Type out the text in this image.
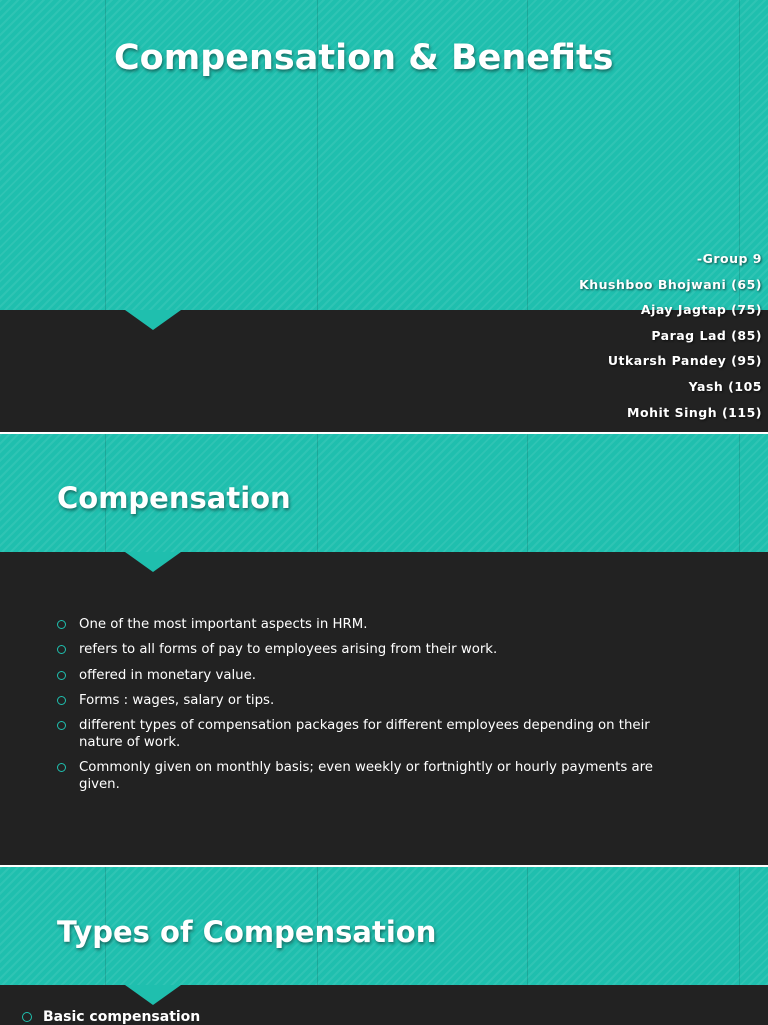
Compensation & Benefits
-Group 9
Khushboo Bhojwani (65)
Ajay Jagtap (75)
Parag Lad (85)
Utkarsh Pandey (95)
Yash (105
Mohit Singh (115)
Compensation
One of the most important aspects in HRM.
refers to all forms of pay to employees arising from their work.
offered in monetary value.
Forms : wages, salary or tips.
different types of compensation packages for different employees depending on their nature of work.
Commonly given on monthly basis; even weekly or fortnightly or hourly payments are given.
Types of Compensation
Basic compensation
